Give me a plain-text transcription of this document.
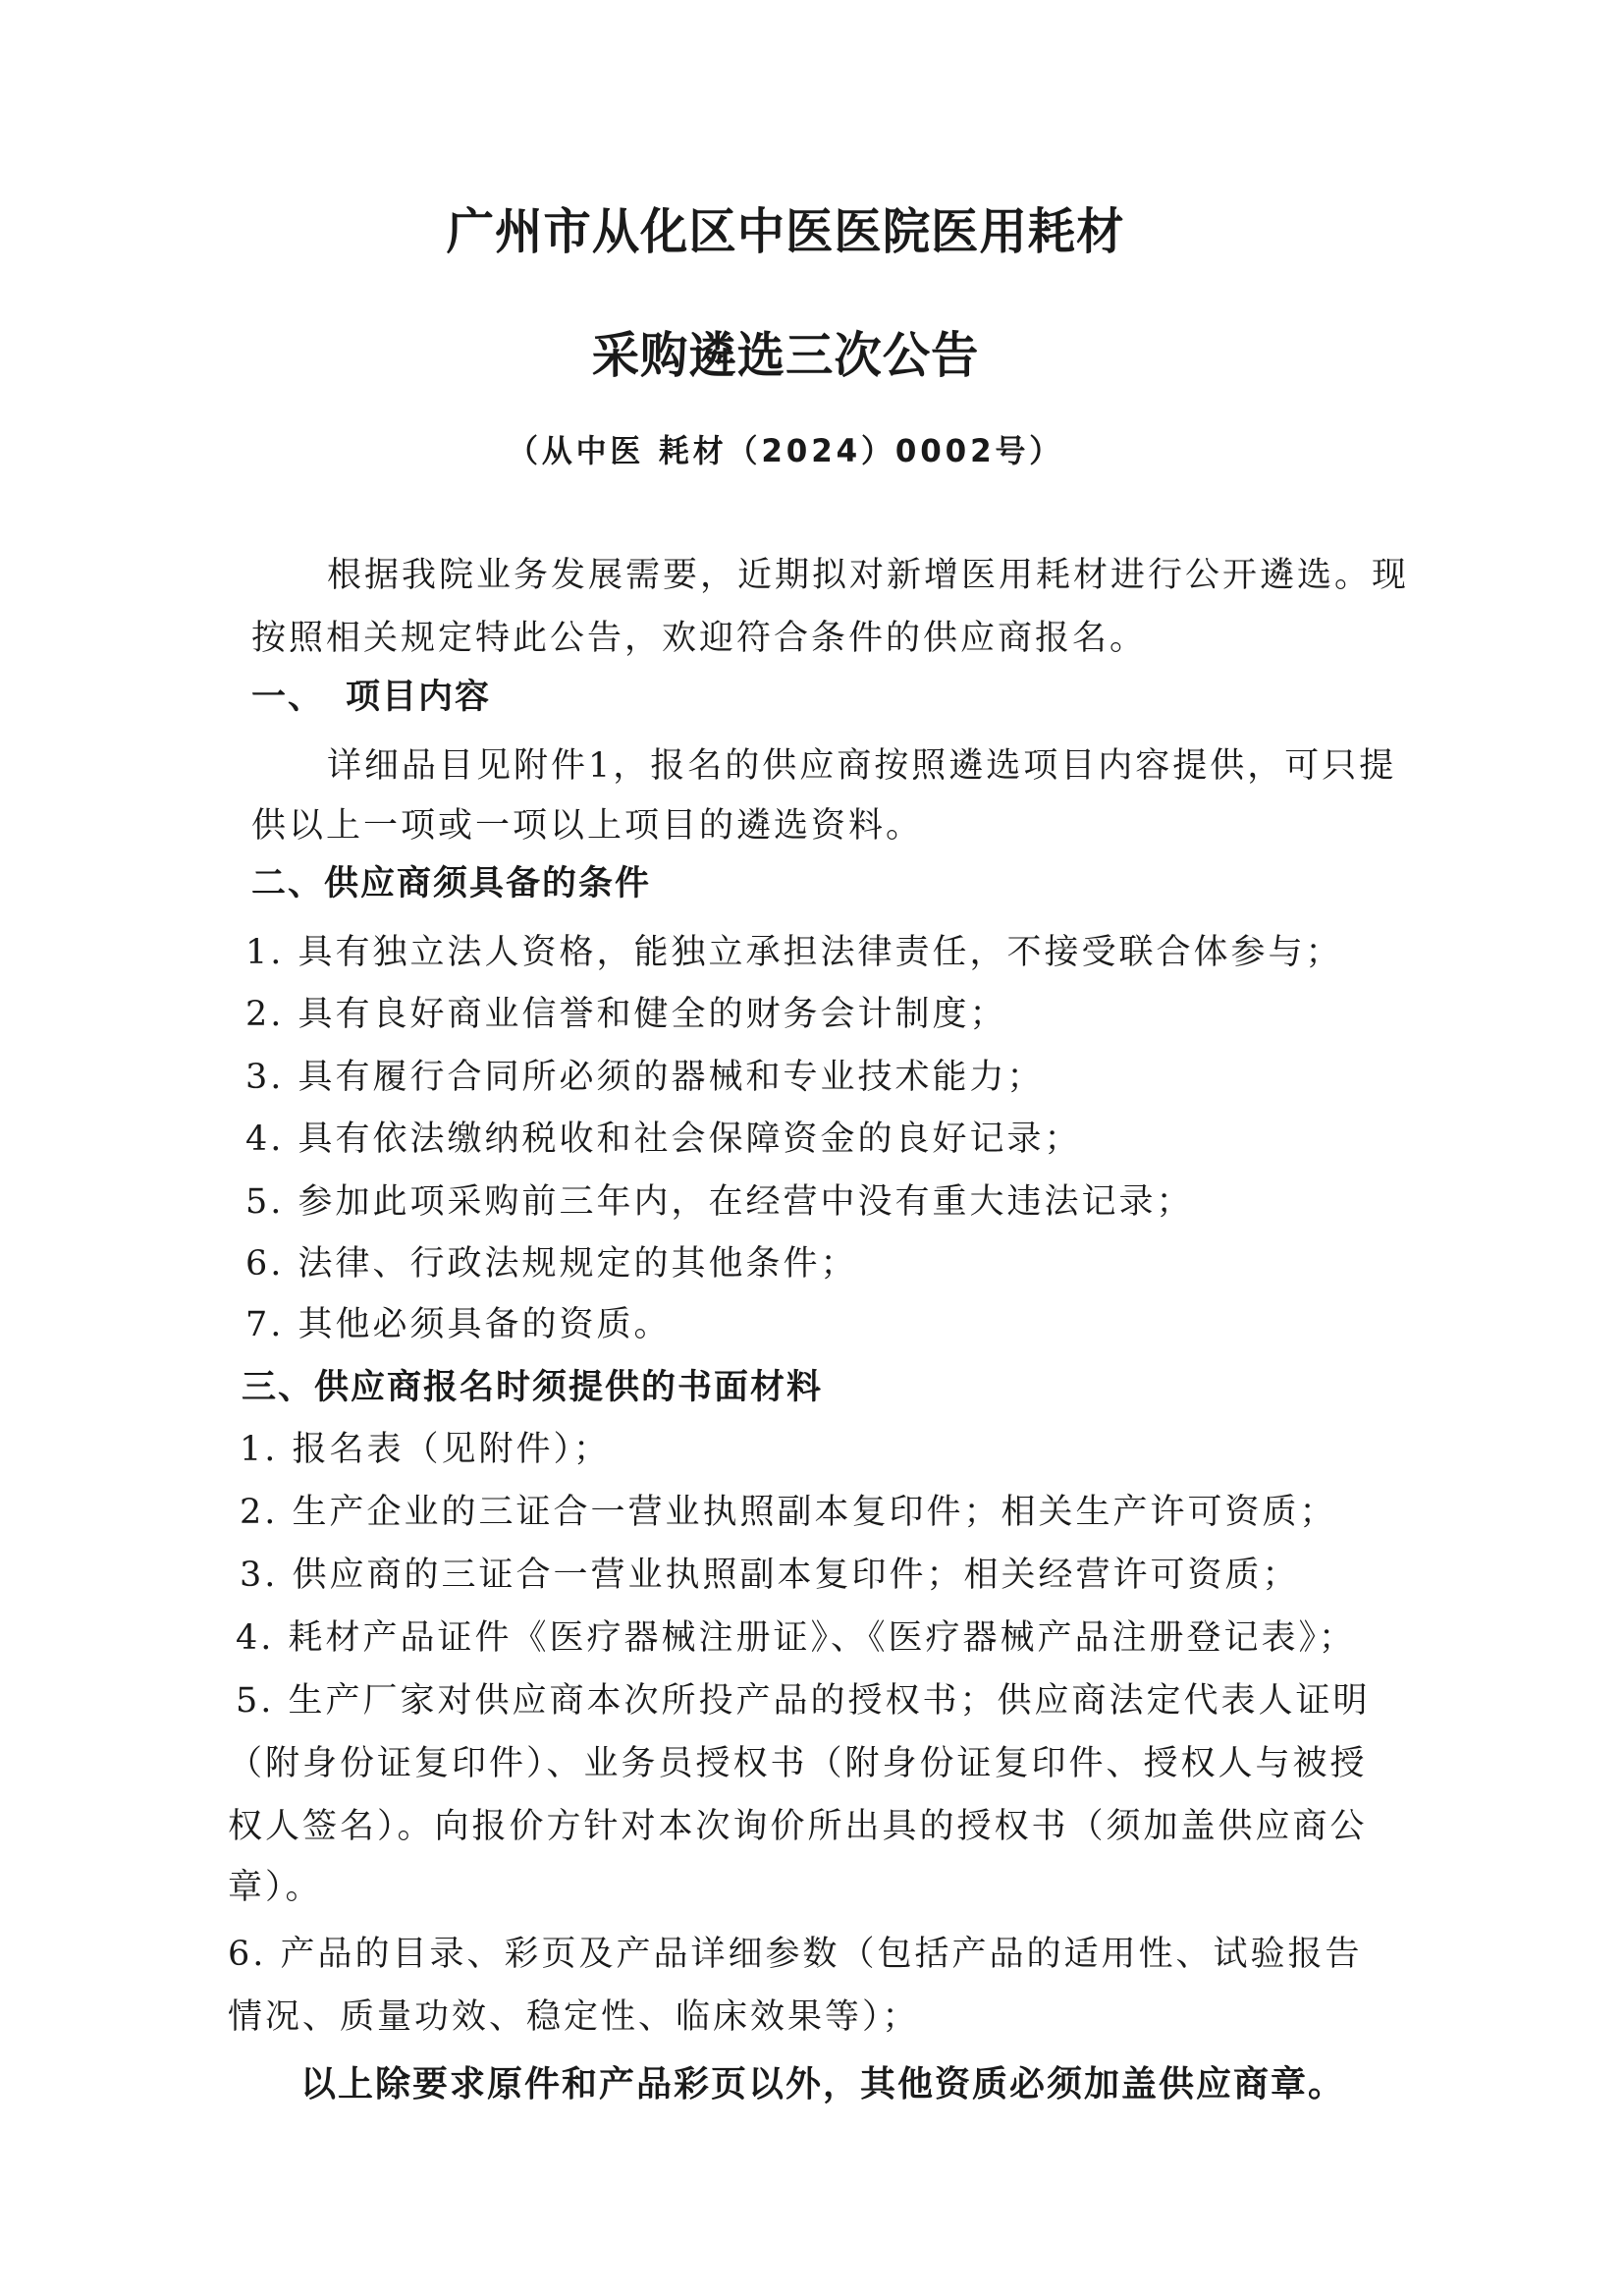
广州市从化区中医医院医用耗材
采购遴选三次公告
（从中医 耗材（2024）0002号）
根据我院业务发展需要，近期拟对新增医用耗材进行公开遴选。现
按照相关规定特此公告，欢迎符合条件的供应商报名。
一、 项目内容
详细品目见附件1，报名的供应商按照遴选项目内容提供，可只提
供以上一项或一项以上项目的遴选资料。
二、供应商须具备的条件
1. 具有独立法人资格，能独立承担法律责任，不接受联合体参与；
2. 具有良好商业信誉和健全的财务会计制度；
3. 具有履行合同所必须的器械和专业技术能力；
4. 具有依法缴纳税收和社会保障资金的良好记录；
5. 参加此项采购前三年内，在经营中没有重大违法记录；
6. 法律、行政法规规定的其他条件；
7. 其他必须具备的资质。
三、供应商报名时须提供的书面材料
1. 报名表（见附件）；
2. 生产企业的三证合一营业执照副本复印件；相关生产许可资质；
3. 供应商的三证合一营业执照副本复印件；相关经营许可资质；
4. 耗材产品证件《医疗器械注册证》、《医疗器械产品注册登记表》；
5. 生产厂家对供应商本次所投产品的授权书；供应商法定代表人证明
（附身份证复印件）、业务员授权书（附身份证复印件、授权人与被授
权人签名）。向报价方针对本次询价所出具的授权书（须加盖供应商公
章）。
6. 产品的目录、彩页及产品详细参数（包括产品的适用性、试验报告
情况、质量功效、稳定性、临床效果等）；
以上除要求原件和产品彩页以外，其他资质必须加盖供应商章。
